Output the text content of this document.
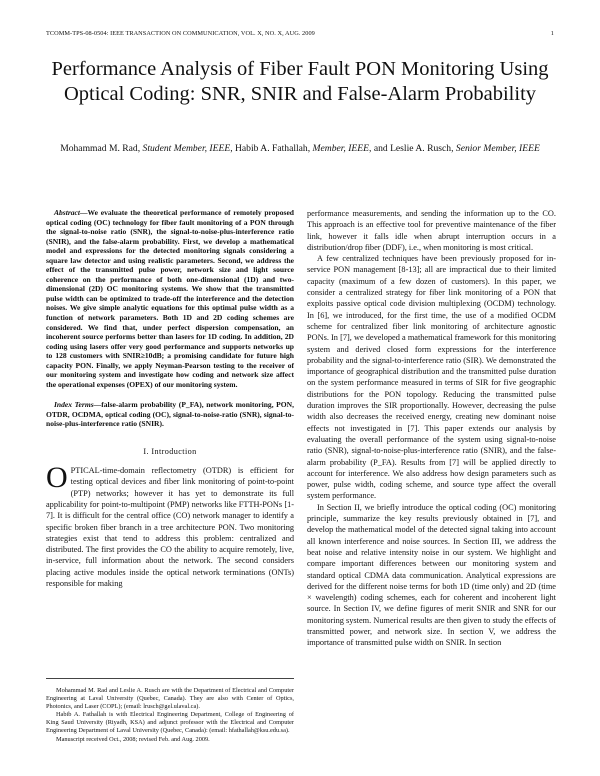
TCOMM-TPS-08-0504: IEEE TRANSACTION ON COMMUNICATION, VOL. X, NO. X, AUG. 2009	1
Performance Analysis of Fiber Fault PON Monitoring Using Optical Coding: SNR, SNIR and False-Alarm Probability

Mohammad M. Rad, Student Member, IEEE, Habib A. Fathallah, Member, IEEE, and Leslie A. Rusch, Senior Member, IEEE

Abstract—We evaluate the theoretical performance of remotely proposed optical coding (OC) technology for fiber fault monitoring of a PON through the signal-to-noise ratio (SNR), the signal-to-noise-plus-interference ratio (SNIR), and the false-alarm probability. First, we develop a mathematical model and expressions for the detected monitoring signals considering a square law detector and using realistic parameters. Second, we address the effect of the transmitted pulse power, network size and light source coherence on the performance of both one-dimensional (1D) and two-dimensional (2D) OC monitoring systems. We show that the transmitted pulse width can be optimized to trade-off the interference and the detection noises. We give simple analytic equations for this optimal pulse width as a function of network parameters. Both 1D and 2D coding schemes are considered. We find that, under perfect dispersion compensation, an incoherent source performs better than lasers for 1D coding. In addition, 2D coding using lasers offer very good performance and supports networks up to 128 customers with SNIR≥10dB; a promising candidate for future high capacity PON. Finally, we apply Neyman-Pearson testing to the receiver of our monitoring system and investigate how coding and network size affect the operational expenses (OPEX) of our monitoring system.

Index Terms—false-alarm probability (P_FA), network monitoring, PON, OTDR, OCDMA, optical coding (OC), signal-to-noise-ratio (SNR), signal-to-noise-plus-interference ratio (SNIR).

I. Introduction

OPTICAL-time-domain reflectometry (OTDR) is efficient for testing optical devices and fiber link monitoring of point-to-point (PTP) networks; however it has yet to demonstrate its full applicability for point-to-multipoint (PMP) networks like FTTH-PONs [1-7]. It is difficult for the central office (CO) network manager to identify a specific broken fiber branch in a tree architecture PON. Two monitoring strategies exist that tend to address this problem: centralized and distributed. The first provides the CO the ability to acquire remotely, live, in-service, full information about the network. The second considers placing active modules inside the optical network terminations (ONTs) responsible for making

Mohammad M. Rad and Leslie A. Rusch are with the Department of Electrical and Computer Engineering at Laval University (Quebec, Canada). They are also with Center of Optics, Photonics, and Laser (COPL); (email: lrusch@gel.ulaval.ca).

Habib A. Fathallah is with Electrical Engineering Department, College of Engineering of King Saud University (Riyadh, KSA) and adjunct professor with the Electrical and Computer Engineering Department of Laval University (Quebec, Canada): (email: hfathallah@ksu.edu.sa).

Manuscript received Oct., 2008; revised Feb. and Aug. 2009.

performance measurements, and sending the information up to the CO. This approach is an effective tool for preventive maintenance of the fiber link, however it falls idle when abrupt interruption occurs in a distribution/drop fiber (DDF), i.e., when monitoring is most critical.

A few centralized techniques have been previously proposed for in-service PON management [8-13]; all are impractical due to their limited capacity (maximum of a few dozen of customers). In this paper, we consider a centralized strategy for fiber link monitoring of a PON that exploits passive optical code division multiplexing (OCDM) technology. In [6], we introduced, for the first time, the use of a modified OCDM scheme for centralized fiber link monitoring of architecture agnostic PONs. In [7], we developed a mathematical framework for this monitoring system and derived closed form expressions for the interference probability and the signal-to-interference ratio (SIR). We demonstrated the importance of geographical distribution and the transmitted pulse duration on the system performance measured in terms of SIR for five geographic distributions for the PON topology. Reducing the transmitted pulse duration improves the SIR proportionally. However, decreasing the pulse width also decreases the received energy, creating new dominant noise effects not investigated in [7]. This paper extends our analysis by evaluating the overall performance of the system using signal-to-noise ratio (SNR), signal-to-noise-plus-interference ratio (SNIR), and the false-alarm probability (P_FA). Results from [7] will be applied directly to account for interference. We also address how design parameters such as power, pulse width, coding scheme, and source type affect the overall system performance.

In Section II, we briefly introduce the optical coding (OC) monitoring principle, summarize the key results previously obtained in [7], and develop the mathematical model of the detected signal taking into account all known interference and noise sources. In Section III, we address the beat noise and relative intensity noise in our system. We highlight and compare important differences between our monitoring system and standard optical CDMA data communication. Analytical expressions are derived for the different noise terms for both 1D (time only) and 2D (time × wavelength) coding schemes, each for coherent and incoherent light source. In Section IV, we define figures of merit SNIR and SNR for our monitoring system. Numerical results are then given to study the effects of transmitted power, and network size. In section V, we address the importance of transmitted pulse width on SNIR. In section
